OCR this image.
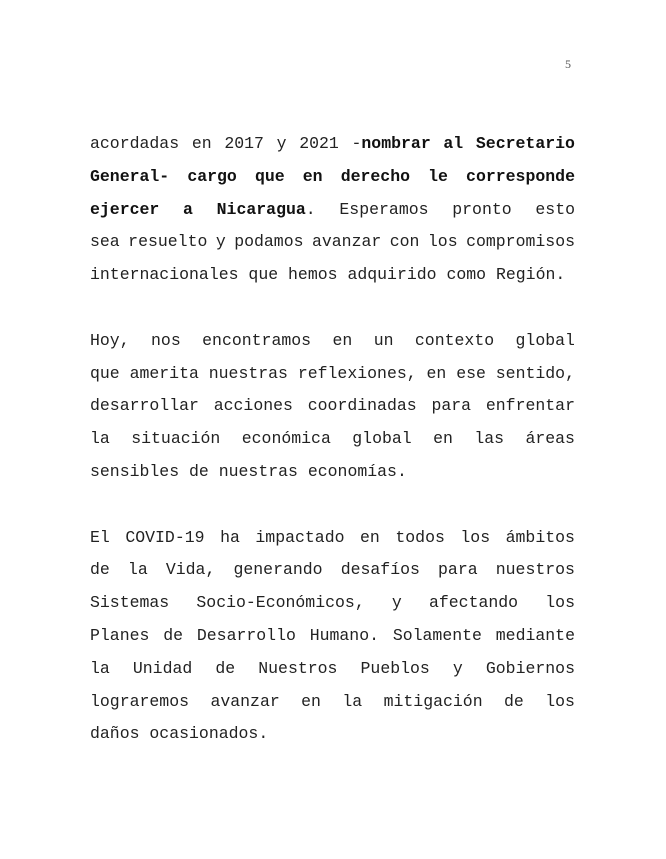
5
acordadas en 2017 y 2021 -nombrar al Secretario
General- cargo que en derecho le corresponde
ejercer a Nicaragua. Esperamos pronto esto
sea resuelto y podamos avanzar con los compromisos
internacionales que hemos adquirido como Región.
Hoy, nos encontramos en un contexto global
que amerita nuestras reflexiones, en ese sentido,
desarrollar acciones coordinadas para enfrentar
la situación económica global en las áreas
sensibles de nuestras economías.
El COVID-19 ha impactado en todos los ámbitos
de la Vida, generando desafíos para nuestros
Sistemas Socio-Económicos, y afectando los
Planes de Desarrollo Humano. Solamente mediante
la Unidad de Nuestros Pueblos y Gobiernos
lograremos avanzar en la mitigación de los
daños ocasionados.
